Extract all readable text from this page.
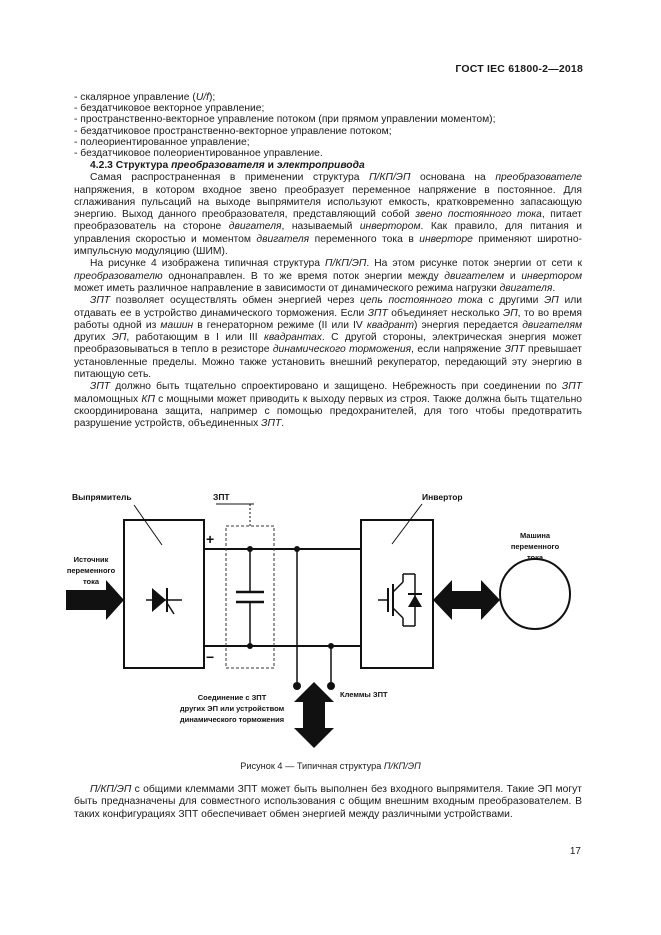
ГОСТ IEC 61800-2—2018
- скалярное управление (U/f);
- бездатчиковое векторное управление;
- пространственно-векторное управление потоком (при прямом управлении моментом);
- бездатчиковое пространственно-векторное управление потоком;
- полеориентированное управление;
- бездатчиковое полеориентированное управление.

4.2.3 Структура преобразователя и электропривода

Самая распространенная в применении структура П/КП/ЭП основана на преобразователе напряжения, в котором входное звено преобразует переменное напряжение в постоянное. Для сглаживания пульсаций на выходе выпрямителя используют емкость, кратковременно запасающую энергию. Выход данного преобразователя, представляющий собой звено постоянного тока, питает преобразователь на стороне двигателя, называемый инвертором. Как правило, для питания и управления скоростью и моментом двигателя переменного тока в инверторе применяют широтно-импульсную модуляцию (ШИМ).

На рисунке 4 изображена типичная структура П/КП/ЭП. На этом рисунке поток энергии от сети к преобразователю однонаправлен. В то же время поток энергии между двигателем и инвертором может иметь различное направление в зависимости от динамического режима нагрузки двигателя.

ЗПТ позволяет осуществлять обмен энергией через цепь постоянного тока с другими ЭП или отдавать ее в устройство динамического торможения. Если ЗПТ объединяет несколько ЭП, то во время работы одной из машин в генераторном режиме (II или IV квадрант) энергия передается двигателям других ЭП, работающим в I или III квадрантах. С другой стороны, электрическая энергия может преобразовываться в тепло в резисторе динамического торможения, если напряжение ЗПТ превышает установленные пределы. Можно также установить внешний рекуператор, передающий эту энергию в питающую сеть.

ЗПТ должно быть тщательно спроектировано и защищено. Небрежность при соединении по ЗПТ маломощных КП с мощными может приводить к выходу первых из строя. Также должна быть тщательно скоординирована защита, например с помощью предохранителей, для того чтобы предотвратить разрушение устройств, объединенных ЗПТ.

Выпрямитель	ЗПТ	Инвертор
+
−
Источник
переменного
тока
Машина
переменного
тока
Соединение с ЗПТ
других ЭП или устройством
динамического торможения
Клеммы ЗПТ
Рисунок 4 — Типичная структура П/КП/ЭП

П/КП/ЭП с общими клеммами ЗПТ может быть выполнен без входного выпрямителя. Такие ЭП могут быть предназначены для совместного использования с общим внешним входным преобразователем. В таких конфигурациях ЗПТ обеспечивает обмен энергией между различными устройствами.

17
